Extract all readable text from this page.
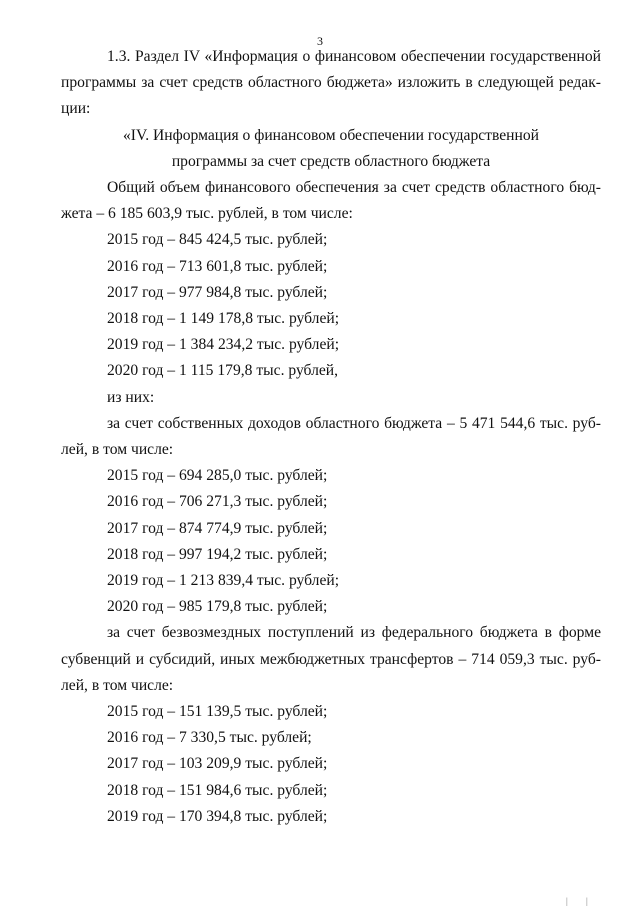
3
1.3. Раздел IV «Информация о финансовом обеспечении государственной
программы за счет средств областного бюджета» изложить в следующей редак-
ции:
«IV. Информация о финансовом обеспечении государственной
программы за счет средств областного бюджета
Общий объем финансового обеспечения за счет средств областного бюд-
жета – 6 185 603,9 тыс. рублей, в том числе:
2015 год – 845 424,5 тыс. рублей;
2016 год – 713 601,8 тыс. рублей;
2017 год – 977 984,8 тыс. рублей;
2018 год – 1 149 178,8 тыс. рублей;
2019 год – 1 384 234,2 тыс. рублей;
2020 год – 1 115 179,8 тыс. рублей,
из них:
за счет собственных доходов областного бюджета – 5 471 544,6 тыс. руб-
лей, в том числе:
2015 год – 694 285,0 тыс. рублей;
2016 год – 706 271,3 тыс. рублей;
2017 год – 874 774,9 тыс. рублей;
2018 год – 997 194,2 тыс. рублей;
2019 год – 1 213 839,4 тыс. рублей;
2020 год – 985 179,8 тыс. рублей;
за счет безвозмездных поступлений из федерального бюджета в форме
субвенций и субсидий, иных межбюджетных трансфертов – 714 059,3 тыс. руб-
лей, в том числе:
2015 год – 151 139,5 тыс. рублей;
2016 год – 7 330,5 тыс. рублей;
2017 год – 103 209,9 тыс. рублей;
2018 год – 151 984,6 тыс. рублей;
2019 год – 170 394,8 тыс. рублей;
| |
